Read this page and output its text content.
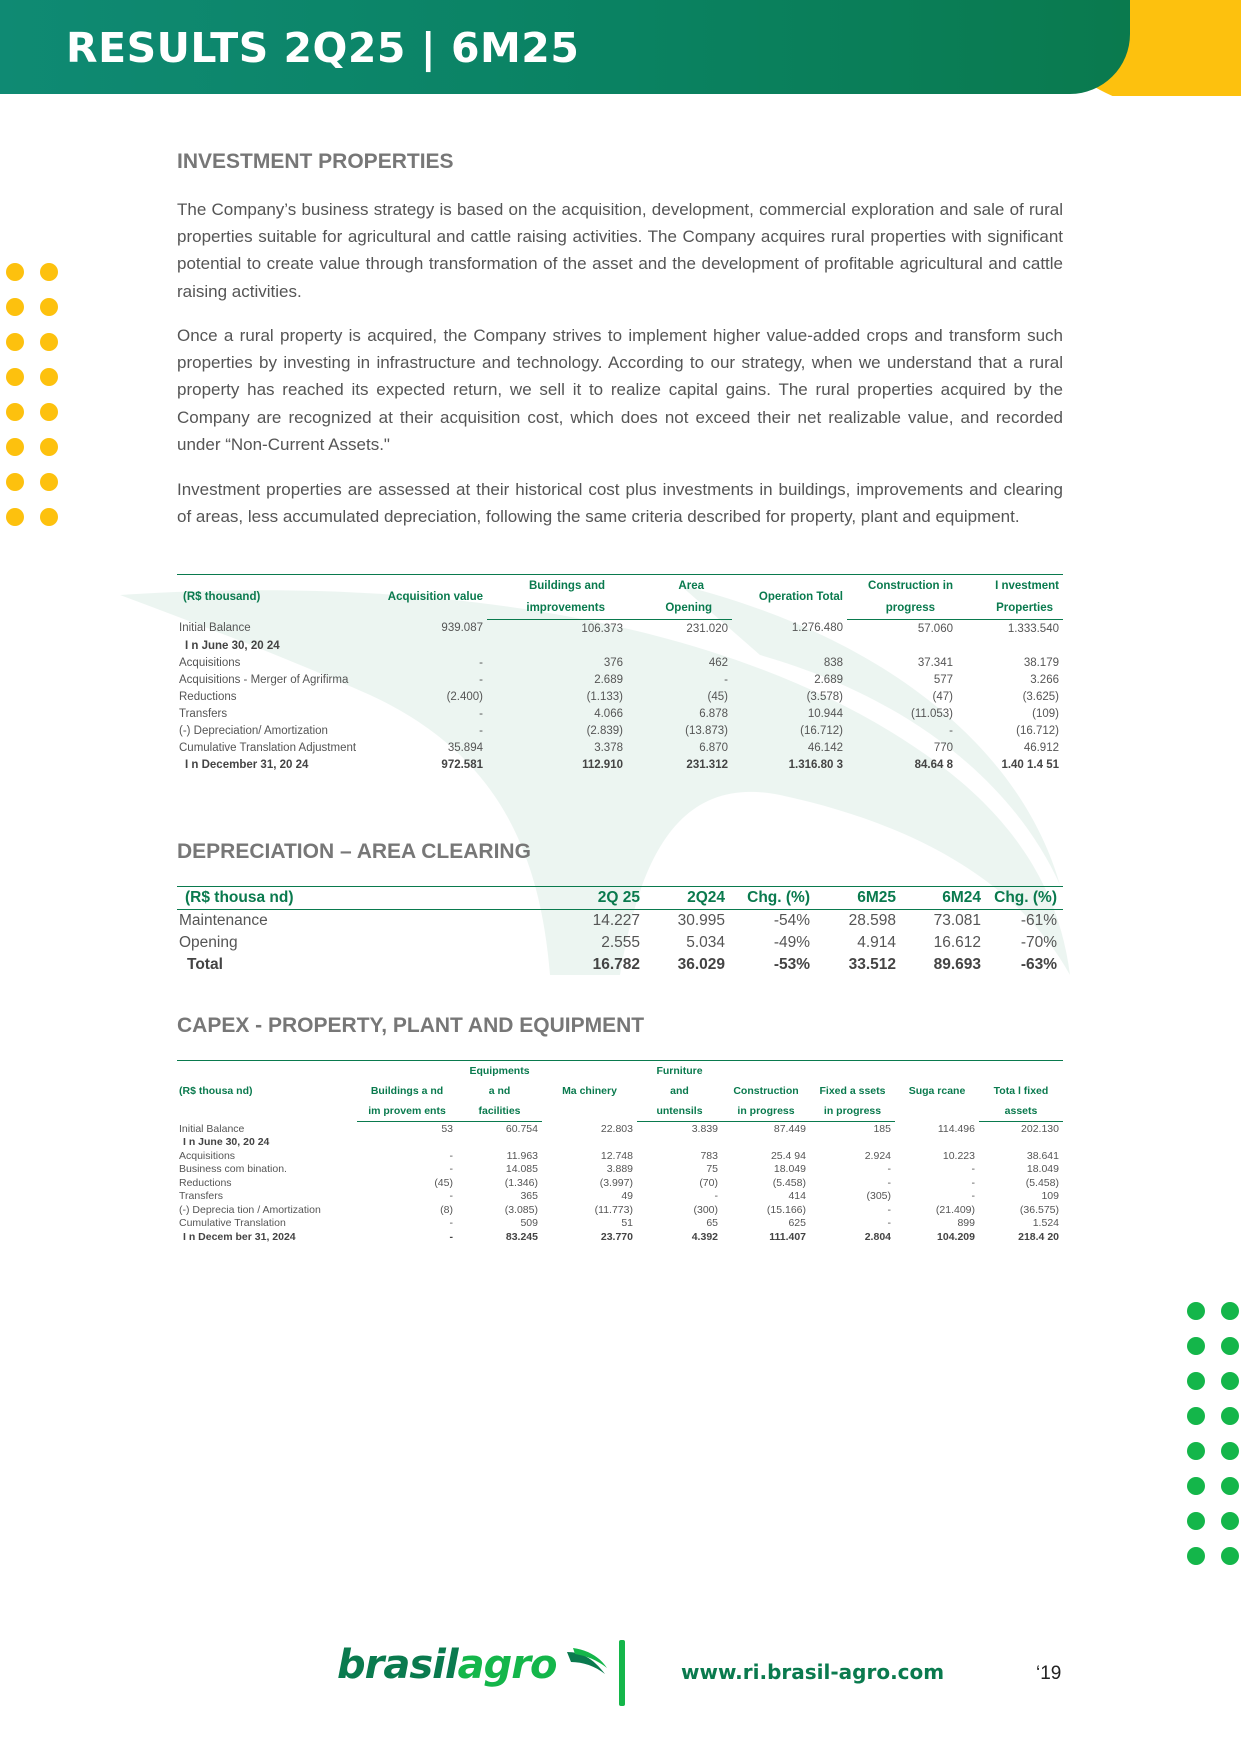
RESULTS 2Q25 | 6M25
INVESTMENT PROPERTIES

The Company’s business strategy is based on the acquisition, development, commercial exploration and sale of rural properties suitable for agricultural and cattle raising activities. The Company acquires rural properties with significant potential to create value through transformation of the asset and the development of profitable agricultural and cattle raising activities.

Once a rural property is acquired, the Company strives to implement higher value-added crops and transform such properties by investing in infrastructure and technology. According to our strategy, when we understand that a rural property has reached its expected return, we sell it to realize capital gains. The rural properties acquired by the Company are recognized at their acquisition cost, which does not exceed their net realizable value, and recorded under “Non-Current Assets."

Investment properties are assessed at their historical cost plus investments in buildings, improvements and clearing of areas, less accumulated depreciation, following the same criteria described for property, plant and equipment.

(R$ thousand)	Acquisition value	Buildings and	Area	Operation Total	Construction in	I nvestment
		improvements	Opening		progress	Properties
Initial Balance	939.087	106.373	231.020	1.276.480	57.060	1.333.540
I n June 30, 20 24						
Acquisitions	-	376	462	838	37.341	38.179
Acquisitions - Merger of Agrifirma	-	2.689	-	2.689	577	3.266
Reductions	(2.400)	(1.133)	(45)	(3.578)	(47)	(3.625)
Transfers	-	4.066	6.878	10.944	(11.053)	(109)
(-) Depreciation/ Amortization	-	(2.839)	(13.873)	(16.712)	-	(16.712)
Cumulative Translation Adjustment	35.894	3.378	6.870	46.142	770	46.912
I n December 31, 20 24	972.581	112.910	231.312	1.316.80 3	84.64 8	1.40 1.4 51
DEPRECIATION – AREA CLEARING
(R$ thousa nd)	2Q 25	2Q24	Chg. (%)	6M25	6M24	Chg. (%)
Maintenance	14.227	30.995	-54%	28.598	73.081	-61%
Opening	2.555	5.034	-49%	4.914	16.612	-70%
Total	16.782	36.029	-53%	33.512	89.693	-63%
CAPEX - PROPERTY, PLANT AND EQUIPMENT
(R$ thousa nd)		Equipments	Ma chinery	Furniture			Suga rcane	
	Buildings a nd	a nd		and	Construction	Fixed a ssets		Tota l fixed
	im provem ents	facilities		untensils	in progress	in progress		assets
Initial Balance	53	60.754	22.803	3.839	87.449	185	114.496	202.130
I n June 30, 20 24								
Acquisitions	-	11.963	12.748	783	25.4 94	2.924	10.223	38.641
Business com bination.	-	14.085	3.889	75	18.049	-	-	18.049
Reductions	(45)	(1.346)	(3.997)	(70)	(5.458)	-	-	(5.458)
Transfers	-	365	49	-	414	(305)	-	109
(-) Deprecia tion / Amortization	(8)	(3.085)	(11.773)	(300)	(15.166)	-	(21.409)	(36.575)
Cumulative Translation	-	509	51	65	625	-	899	1.524
I n Decem ber 31, 2024	-	83.245	23.770	4.392	111.407	2.804	104.209	218.4 20
brasilagro	www.ri.brasil-agro.com	‘19
